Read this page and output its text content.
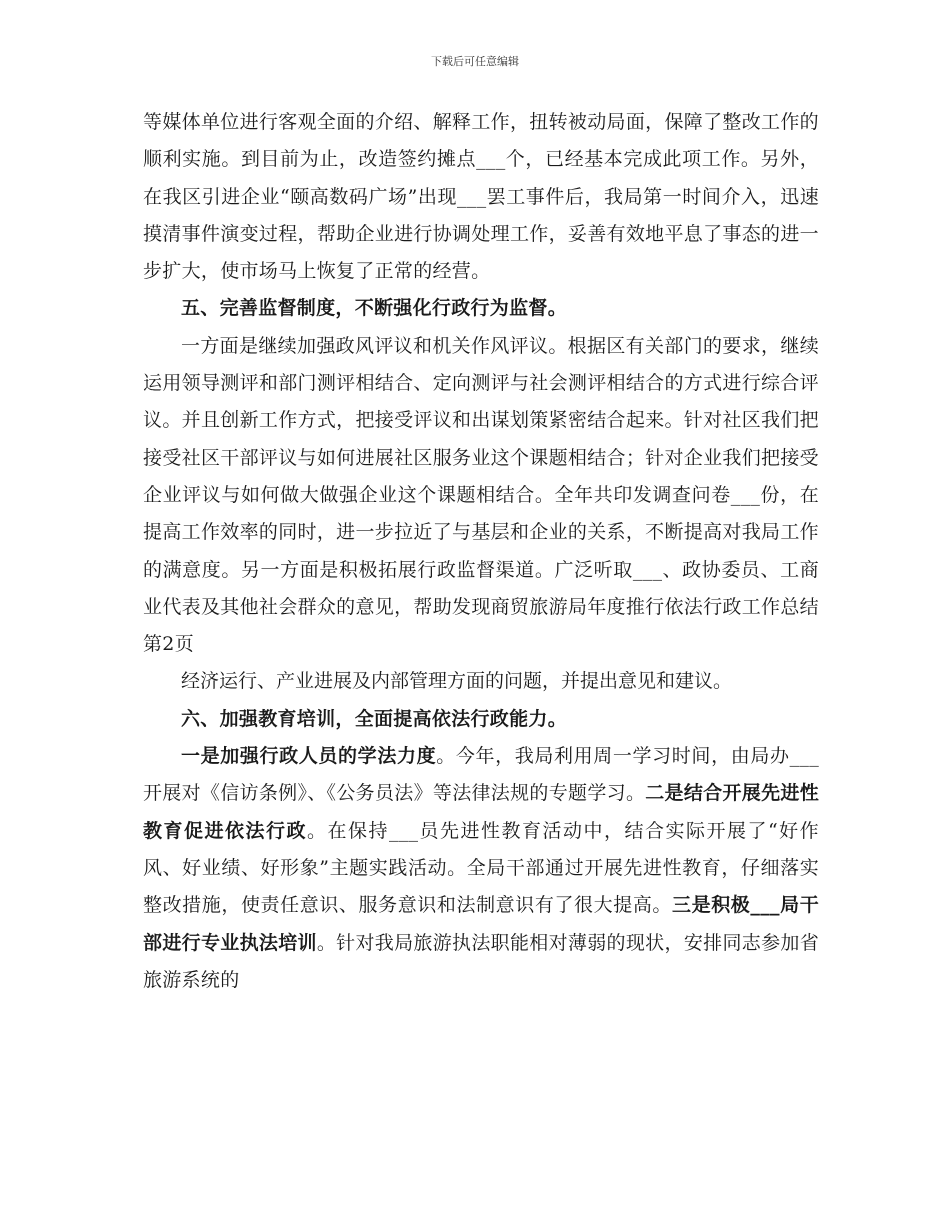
下载后可任意编辑

等媒体单位进行客观全面的介绍、解释工作，扭转被动局面，保障了整改工作的顺利实施。到目前为止，改造签约摊点___个，已经基本完成此项工作。另外，在我区引进企业“颐高数码广场”出现___罢工事件后，我局第一时间介入，迅速摸清事件演变过程，帮助企业进行协调处理工作，妥善有效地平息了事态的进一步扩大，使市场马上恢复了正常的经营。

五、完善监督制度，不断强化行政行为监督。

一方面是继续加强政风评议和机关作风评议。根据区有关部门的要求，继续运用领导测评和部门测评相结合、定向测评与社会测评相结合的方式进行综合评议。并且创新工作方式，把接受评议和出谋划策紧密结合起来。针对社区我们把接受社区干部评议与如何进展社区服务业这个课题相结合；针对企业我们把接受企业评议与如何做大做强企业这个课题相结合。全年共印发调查问卷___份，在提高工作效率的同时，进一步拉近了与基层和企业的关系，不断提高对我局工作的满意度。另一方面是积极拓展行政监督渠道。广泛听取___、政协委员、工商业代表及其他社会群众的意见，帮助发现商贸旅游局年度推行依法行政工作总结第2页

经济运行、产业进展及内部管理方面的问题，并提出意见和建议。

六、加强教育培训，全面提高依法行政能力。

一是加强行政人员的学法力度。今年，我局利用周一学习时间，由局办___开展对《信访条例》、《公务员法》等法律法规的专题学习。二是结合开展先进性教育促进依法行政。在保持___员先进性教育活动中，结合实际开展了“好作风、好业绩、好形象”主题实践活动。全局干部通过开展先进性教育，仔细落实整改措施，使责任意识、服务意识和法制意识有了很大提高。三是积极___局干部进行专业执法培训。针对我局旅游执法职能相对薄弱的现状，安排同志参加省旅游系统的
